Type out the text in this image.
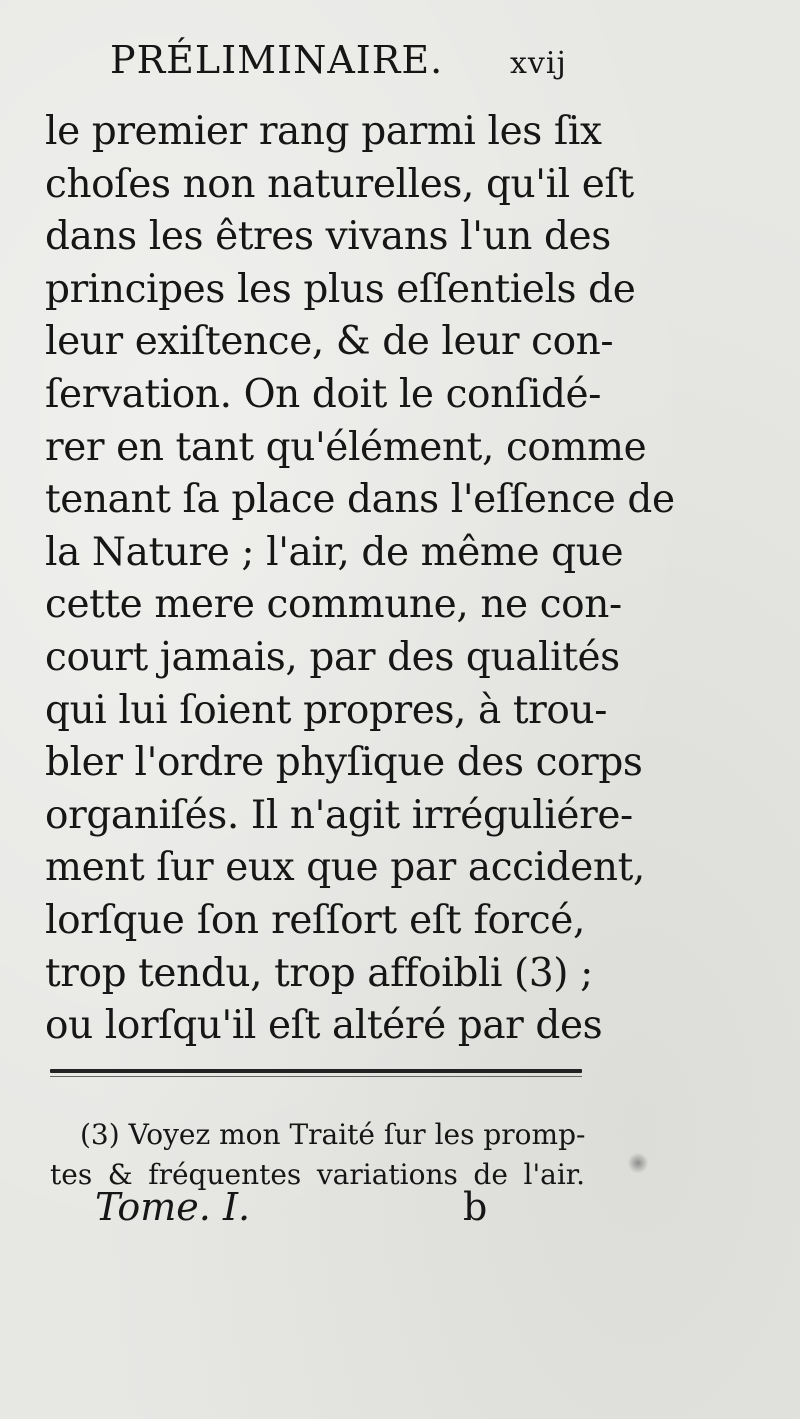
PRÉLIMINAIRE. xvij
le premier rang parmi les ſix
choſes non naturelles, qu'il eſt
dans les êtres vivans l'un des
principes les plus eſſentiels de
leur exiſtence, & de leur con-
ſervation. On doit le conſidé-
rer en tant qu'élément, comme
tenant ſa place dans l'eſſence de
la Nature ; l'air, de même que
cette mere commune, ne con-
court jamais, par des qualités
qui lui ſoient propres, à trou-
bler l'ordre phyſique des corps
organiſés. Il n'agit irréguliére-
ment ſur eux que par accident,
lorſque ſon reſſort eſt forcé,
trop tendu, trop affoibli (3) ;
ou lorſqu'il eſt altéré par des
(3) Voyez mon Traité ſur les promp-
tes & fréquentes variations de l'air.
Tome. I.	b
